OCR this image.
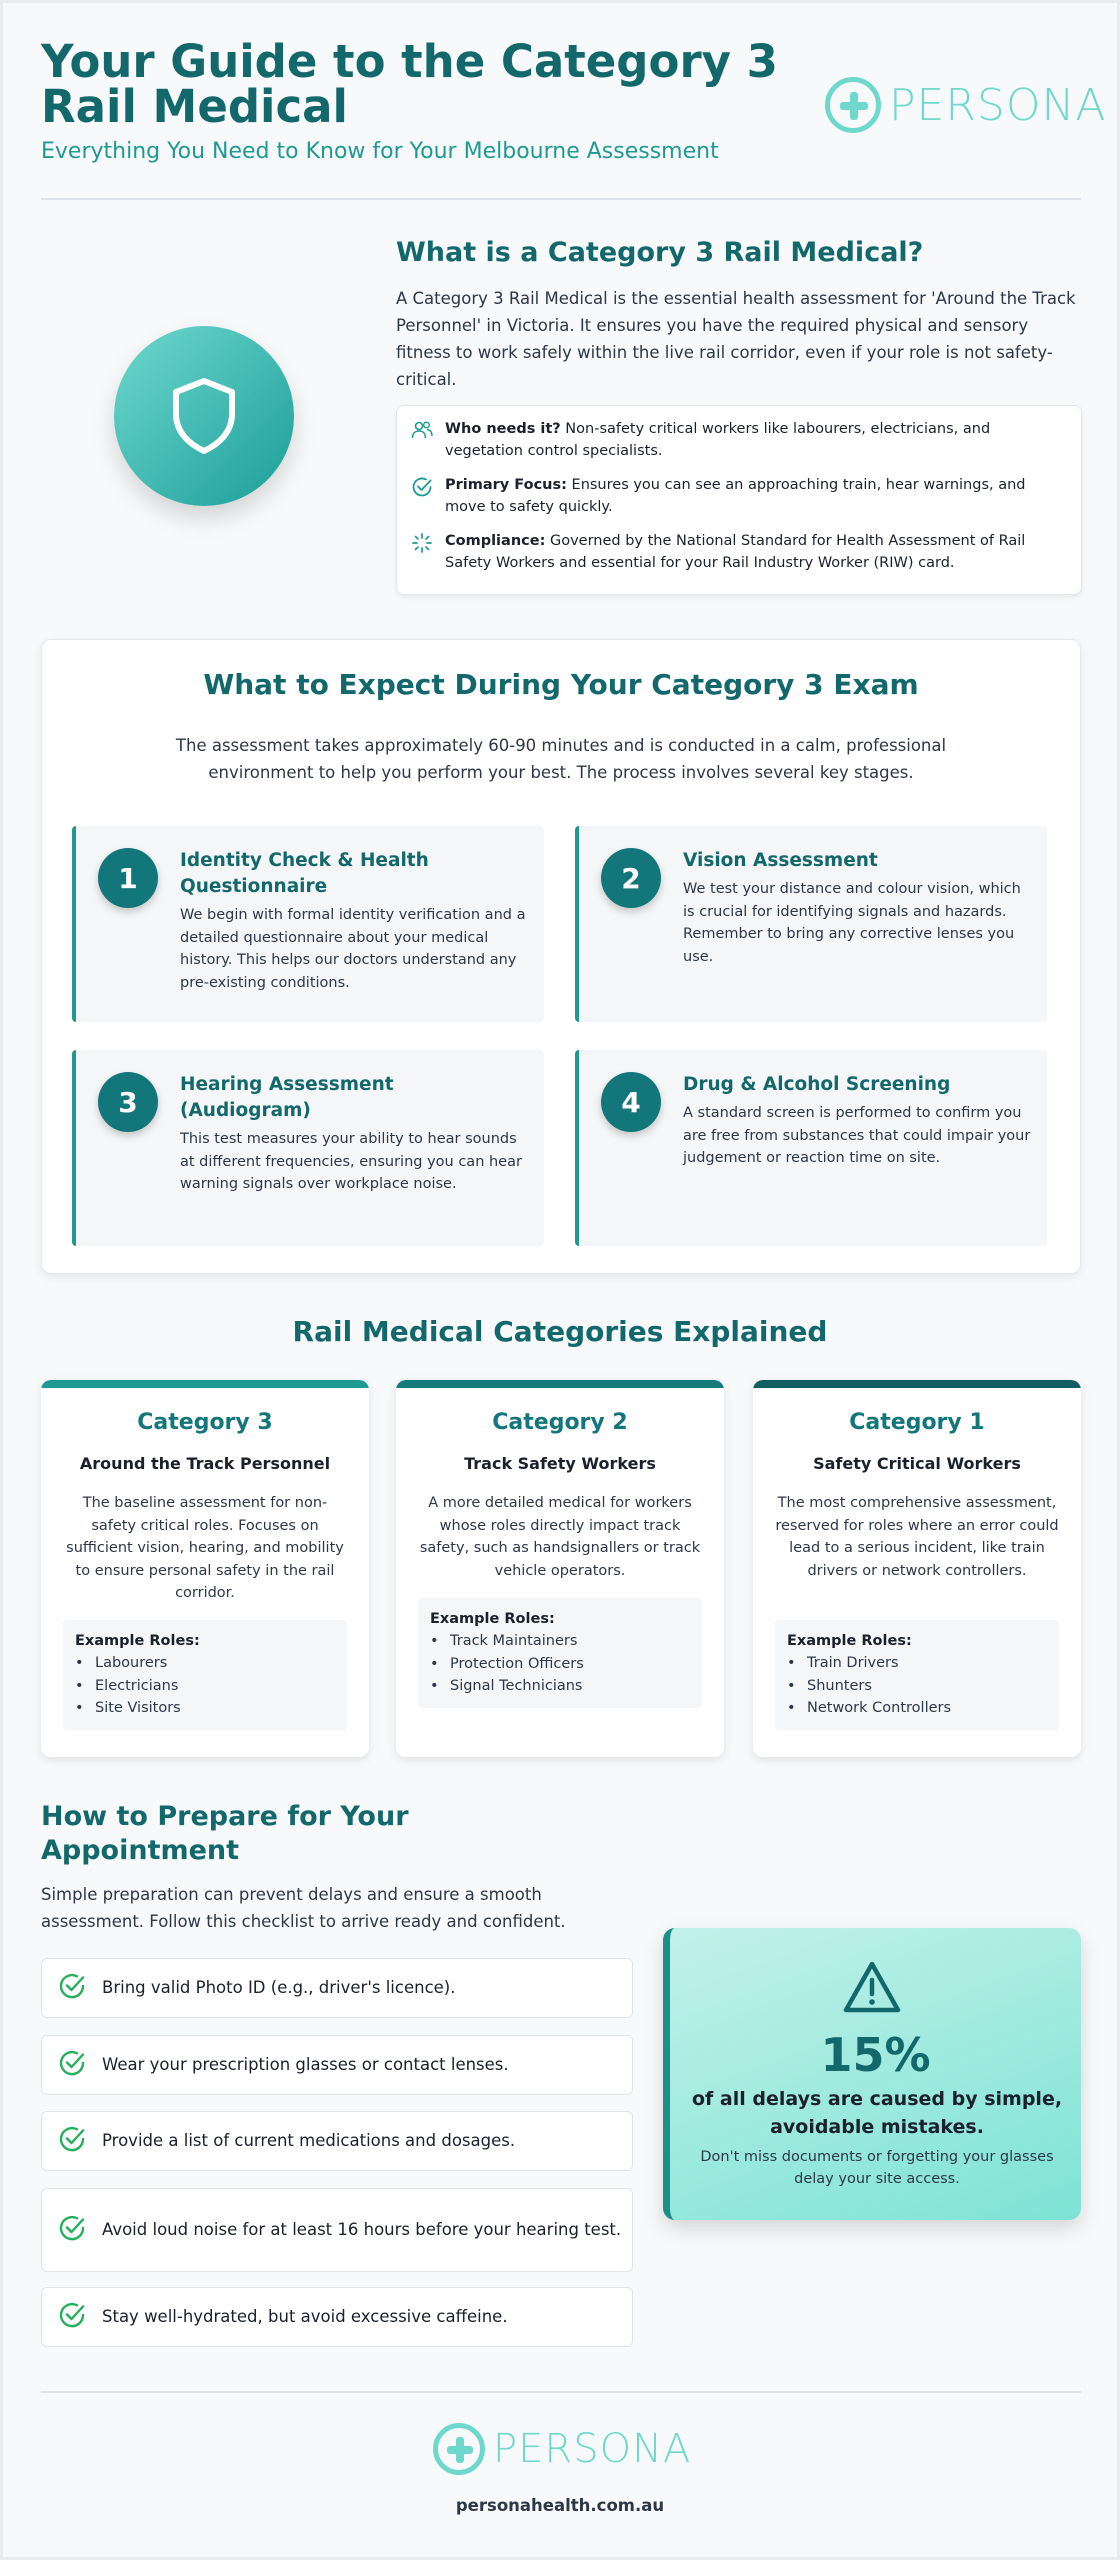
Your Guide to the Category 3
Rail Medical
Everything You Need to Know for Your Melbourne Assessment
PERSONA
What is a Category 3 Rail Medical?

A Category 3 Rail Medical is the essential health assessment for 'Around the Track Personnel' in Victoria. It ensures you have the required physical and sensory fitness to work safely within the live rail corridor, even if your role is not safety-critical.

Who needs it? Non-safety critical workers like labourers, electricians, and vegetation control specialists.
Primary Focus: Ensures you can see an approaching train, hear warnings, and move to safety quickly.
Compliance: Governed by the National Standard for Health Assessment of Rail Safety Workers and essential for your Rail Industry Worker (RIW) card.
What to Expect During Your Category 3 Exam

The assessment takes approximately 60-90 minutes and is conducted in a calm, professional environment to help you perform your best. The process involves several key stages.

1
Identity Check & Health Questionnaire
We begin with formal identity verification and a detailed questionnaire about your medical history. This helps our doctors understand any pre-existing conditions.
2
Vision Assessment
We test your distance and colour vision, which is crucial for identifying signals and hazards. Remember to bring any corrective lenses you use.
3
Hearing Assessment (Audiogram)
This test measures your ability to hear sounds at different frequencies, ensuring you can hear warning signals over workplace noise.
4
Drug & Alcohol Screening
A standard screen is performed to confirm you are free from substances that could impair your judgement or reaction time on site.
Rail Medical Categories Explained
Category 3
Around the Track Personnel
The baseline assessment for non-safety critical roles. Focuses on sufficient vision, hearing, and mobility to ensure personal safety in the rail corridor.
Example Roles:
• Labourers
• Electricians
• Site Visitors
Category 2
Track Safety Workers
A more detailed medical for workers whose roles directly impact track safety, such as handsignallers or track vehicle operators.
Example Roles:
• Track Maintainers
• Protection Officers
• Signal Technicians
Category 1
Safety Critical Workers
The most comprehensive assessment, reserved for roles where an error could lead to a serious incident, like train drivers or network controllers.
Example Roles:
• Train Drivers
• Shunters
• Network Controllers
How to Prepare for Your Appointment

Simple preparation can prevent delays and ensure a smooth assessment. Follow this checklist to arrive ready and confident.

Bring valid Photo ID (e.g., driver's licence).
Wear your prescription glasses or contact lenses.
Provide a list of current medications and dosages.
Avoid loud noise for at least 16 hours before your hearing test.
Stay well-hydrated, but avoid excessive caffeine.
15%
of all delays are caused by simple, avoidable mistakes.
Don't miss documents or forgetting your glasses delay your site access.
PERSONA
personahealth.com.au
